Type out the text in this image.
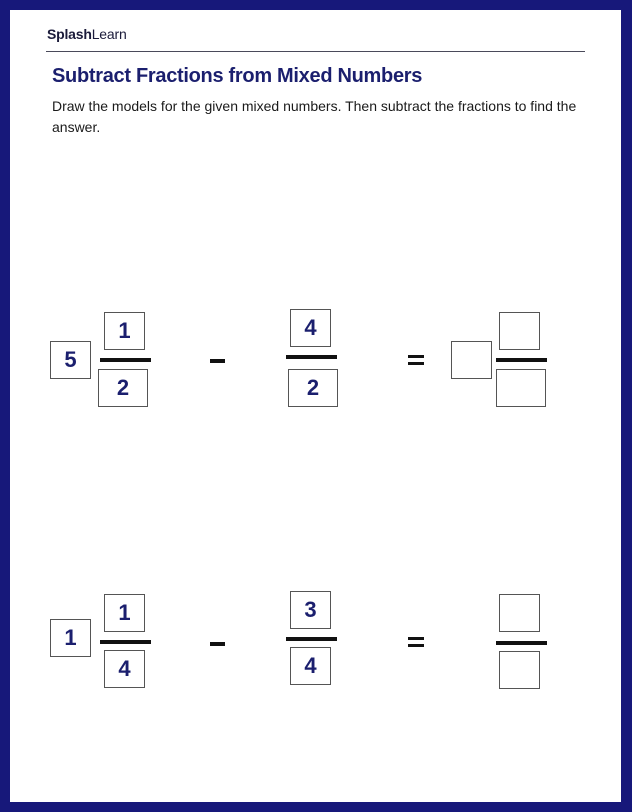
SplashLearn
Subtract Fractions from Mixed Numbers
Draw the models for the given mixed numbers. Then subtract the fractions to find the answer.
5
1
2
4
2
1
1
4
3
4
